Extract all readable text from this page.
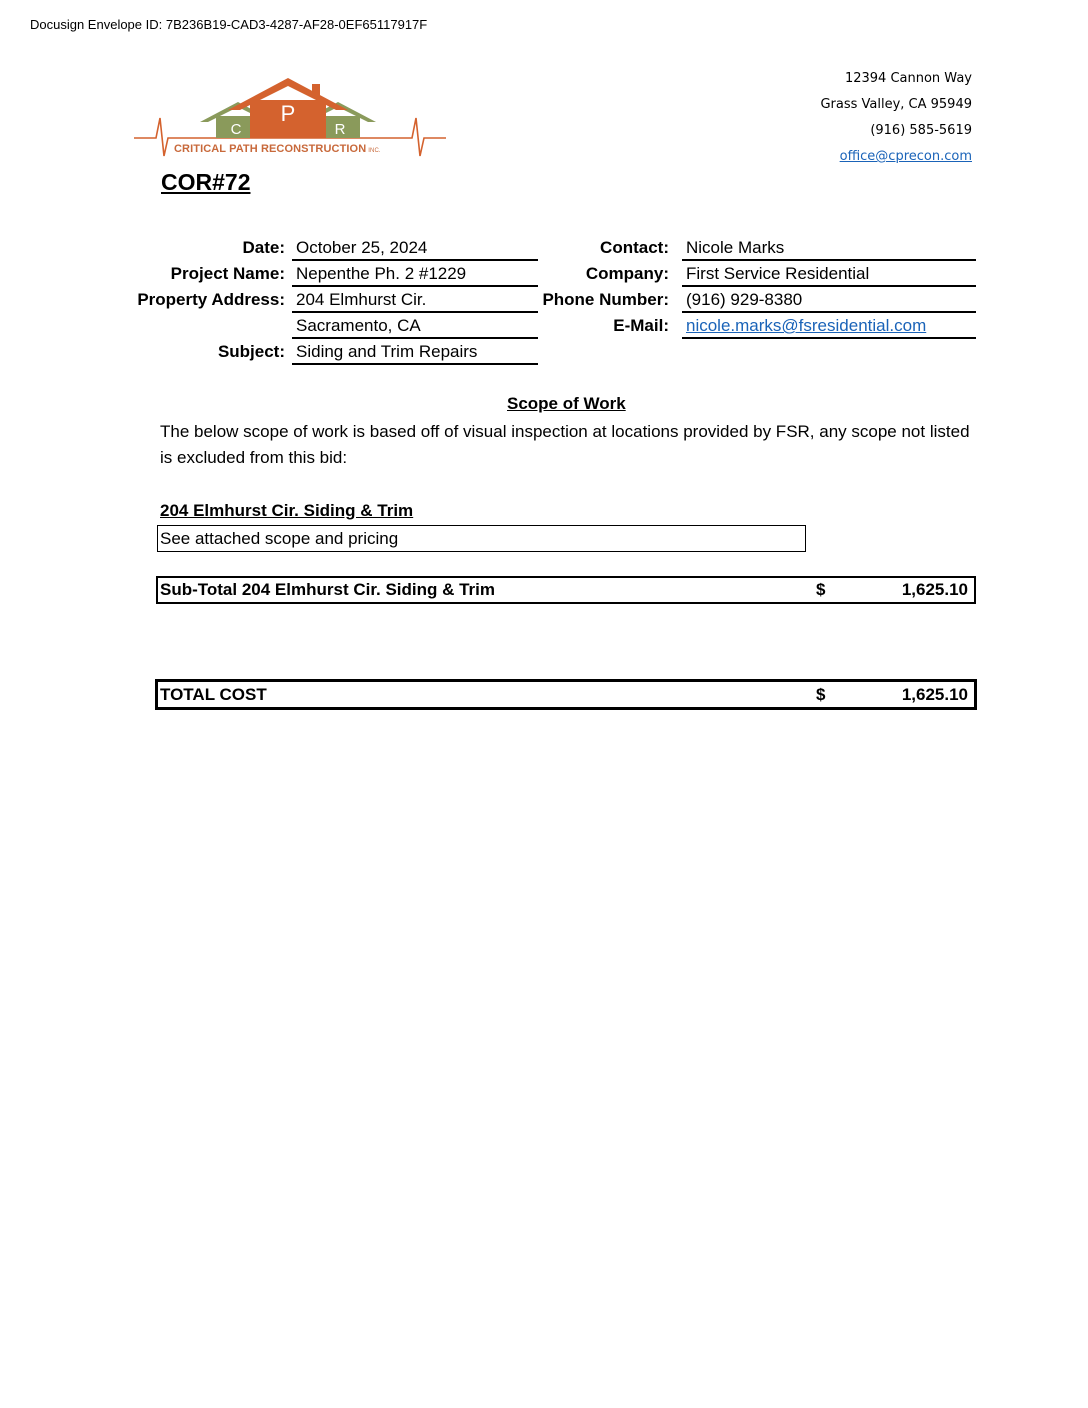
Docusign Envelope ID: 7B236B19-CAD3-4287-AF28-0EF65117917F
P
C	R
CRITICAL PATH RECONSTRUCTION INC.
12394 Cannon Way
Grass Valley, CA 95949
(916) 585-5619
office@cprecon.com
COR#72
Date: October 25, 2024
Project Name: Nepenthe Ph. 2 #1229
Property Address: 204 Elmhurst Cir.
Sacramento, CA
Subject: Siding and Trim Repairs
Contact: Nicole Marks
Company: First Service Residential
Phone Number: (916) 929-8380
E-Mail: nicole.marks@fsresidential.com
Scope of Work
The below scope of work is based off of visual inspection at locations provided by FSR, any scope not listed is excluded from this bid:
204 Elmhurst Cir. Siding & Trim
See attached scope and pricing
Sub-Total 204 Elmhurst Cir. Siding & Trim	$	1,625.10
TOTAL COST	$	1,625.10
